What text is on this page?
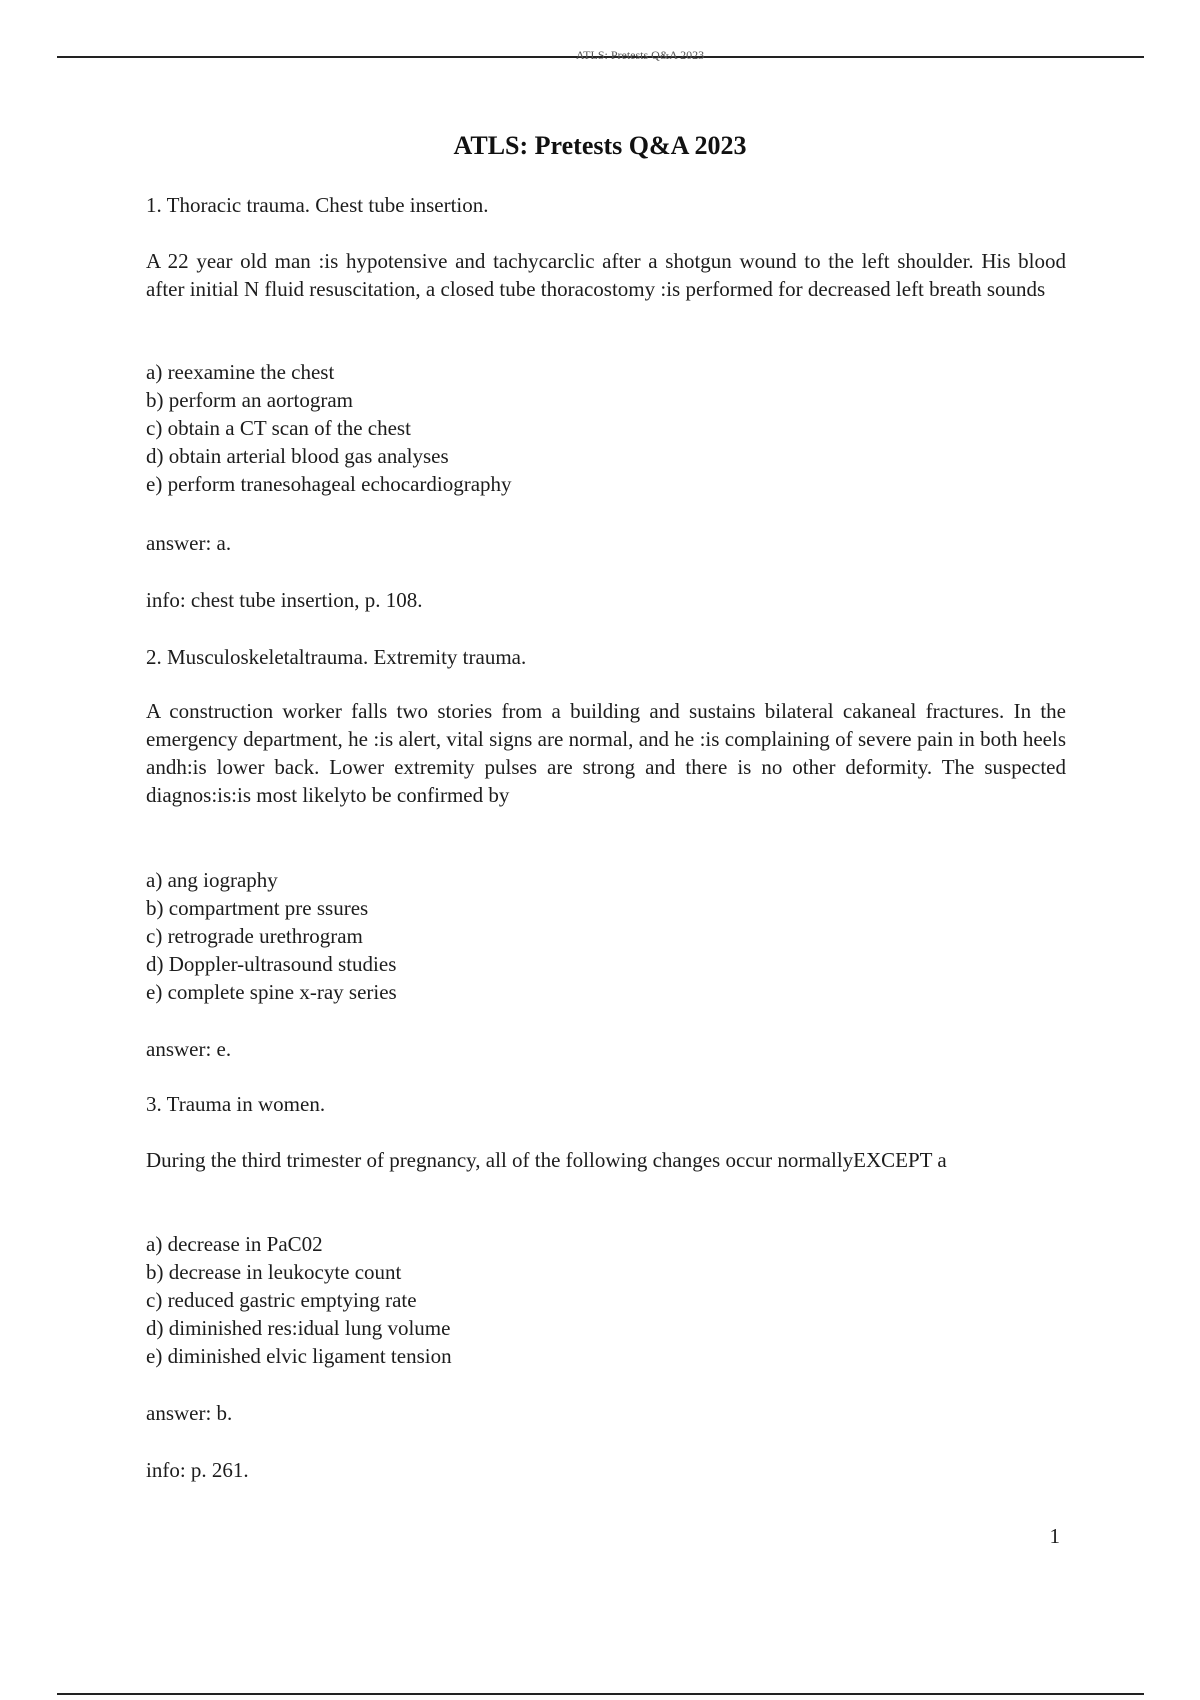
ATLS: Pretests Q&A 2023
ATLS: Pretests Q&A 2023

1. Thoracic trauma. Chest tube insertion.

A 22 year old man :is hypotensive and tachycarclic after a shotgun wound to the left shoulder. His blood after initial N fluid resuscitation, a closed tube thoracostomy :is performed for decreased left breath sounds

a) reexamine the chest
b) perform an aortogram
c) obtain a CT scan of the chest
d) obtain arterial blood gas analyses
e) perform tranesohageal echocardiography

answer: a.

info: chest tube insertion, p. 108.

2. Musculoskeletaltrauma. Extremity trauma.

A construction worker falls two stories from a building and sustains bilateral cakaneal fractures. In the emergency department, he :is alert, vital signs are normal, and he :is complaining of severe pain in both heels andh:is lower back. Lower extremity pulses are strong and there is no other deformity. The suspected diagnos:is:is most likelyto be confirmed by

a) ang iography
b) compartment pre ssures
c) retrograde urethrogram
d) Doppler-ultrasound studies
e) complete spine x-ray series

answer: e.

3. Trauma in women.

During the third trimester of pregnancy, all of the following changes occur normallyEXCEPT a

a) decrease in PaC02
b) decrease in leukocyte count
c) reduced gastric emptying rate
d) diminished res:idual lung volume
e) diminished elvic ligament tension

answer: b.

info: p. 261.

1
